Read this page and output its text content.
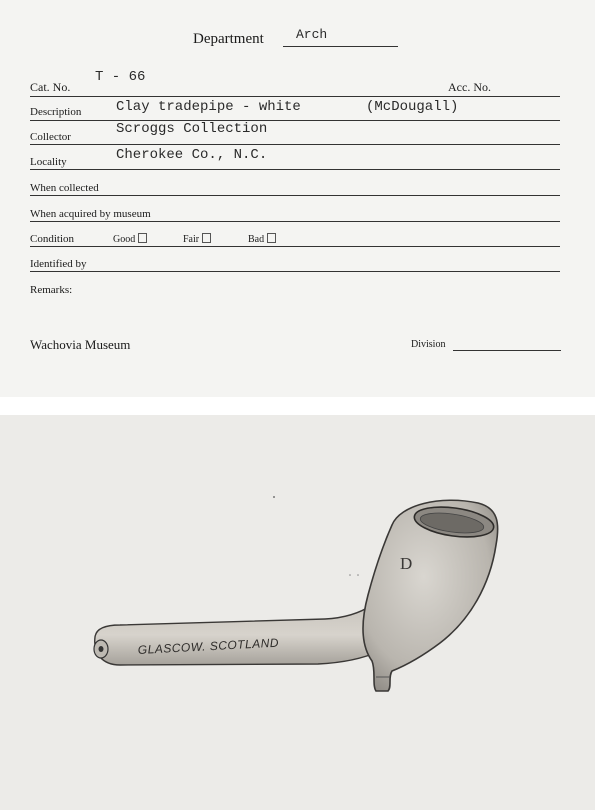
Department Arch
Cat. No.
T - 66
Acc. No.
Description Clay tradepipe - white	(McDougall)
Collector	Scroggs Collection
Locality	Cherokee Co., N.C.
When collected
When acquired by museum
Condition	Good	Fair	Bad
Identified by
Remarks:
Wachovia Museum	Division
GLASCOW. SCOTLAND
D
